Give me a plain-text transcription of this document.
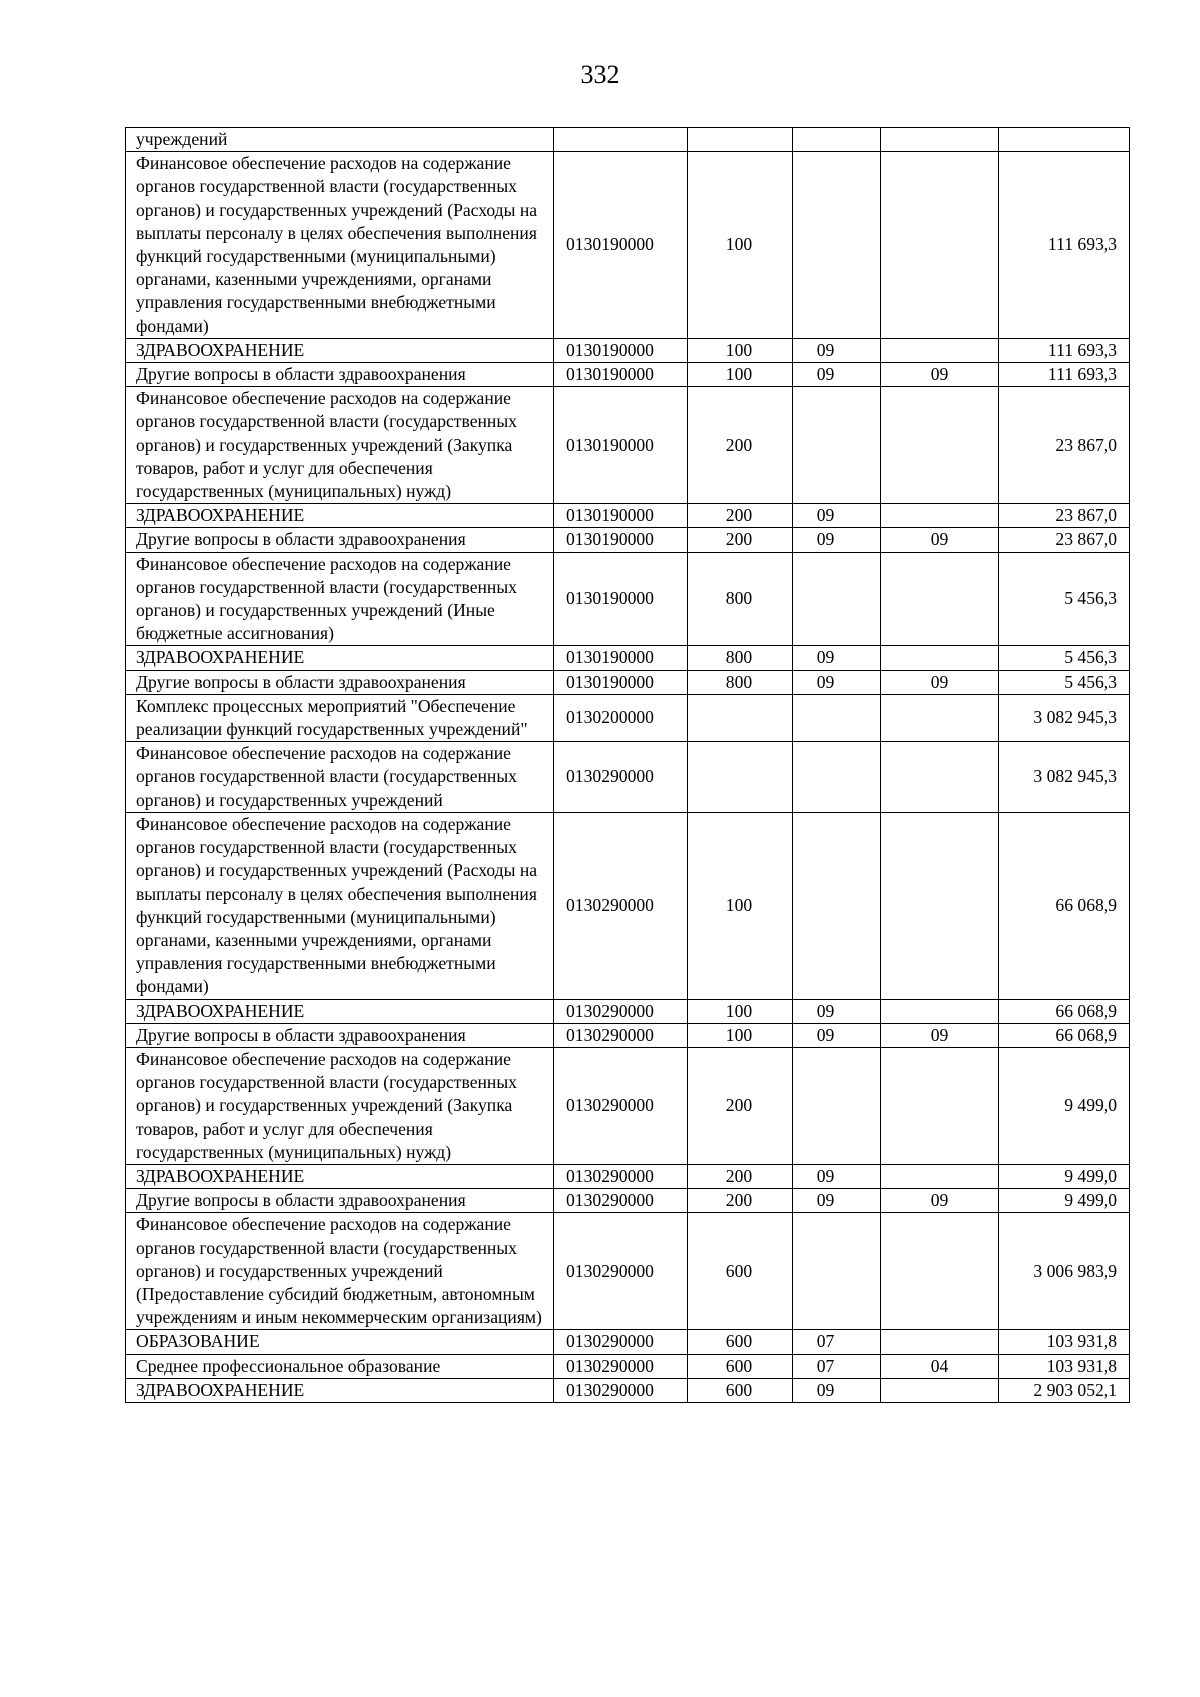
332
учреждений					
Финансовое обеспечение расходов на содержание органов государственной власти (государственных органов) и государственных учреждений (Расходы на выплаты персоналу в целях обеспечения выполнения функций государственными (муниципальными) органами, казенными учреждениями, органами управления государственными внебюджетными фондами)	0130190000	100			111 693,3
ЗДРАВООХРАНЕНИЕ	0130190000	100	09		111 693,3
Другие вопросы в области здравоохранения	0130190000	100	09	09	111 693,3
Финансовое обеспечение расходов на содержание органов государственной власти (государственных органов) и государственных учреждений (Закупка товаров, работ и услуг для обеспечения государственных (муниципальных) нужд)	0130190000	200			23 867,0
ЗДРАВООХРАНЕНИЕ	0130190000	200	09		23 867,0
Другие вопросы в области здравоохранения	0130190000	200	09	09	23 867,0
Финансовое обеспечение расходов на содержание органов государственной власти (государственных органов) и государственных учреждений (Иные бюджетные ассигнования)	0130190000	800			5 456,3
ЗДРАВООХРАНЕНИЕ	0130190000	800	09		5 456,3
Другие вопросы в области здравоохранения	0130190000	800	09	09	5 456,3
Комплекс процессных мероприятий "Обеспечение реализации функций государственных учреждений"	0130200000				3 082 945,3
Финансовое обеспечение расходов на содержание органов государственной власти (государственных органов) и государственных учреждений	0130290000				3 082 945,3
Финансовое обеспечение расходов на содержание органов государственной власти (государственных органов) и государственных учреждений (Расходы на выплаты персоналу в целях обеспечения выполнения функций государственными (муниципальными) органами, казенными учреждениями, органами управления государственными внебюджетными фондами)	0130290000	100			66 068,9
ЗДРАВООХРАНЕНИЕ	0130290000	100	09		66 068,9
Другие вопросы в области здравоохранения	0130290000	100	09	09	66 068,9
Финансовое обеспечение расходов на содержание органов государственной власти (государственных органов) и государственных учреждений (Закупка товаров, работ и услуг для обеспечения государственных (муниципальных) нужд)	0130290000	200			9 499,0
ЗДРАВООХРАНЕНИЕ	0130290000	200	09		9 499,0
Другие вопросы в области здравоохранения	0130290000	200	09	09	9 499,0
Финансовое обеспечение расходов на содержание органов государственной власти (государственных органов) и государственных учреждений (Предоставление субсидий бюджетным, автономным учреждениям и иным некоммерческим организациям)	0130290000	600			3 006 983,9
ОБРАЗОВАНИЕ	0130290000	600	07		103 931,8
Среднее профессиональное образование	0130290000	600	07	04	103 931,8
ЗДРАВООХРАНЕНИЕ	0130290000	600	09		2 903 052,1
